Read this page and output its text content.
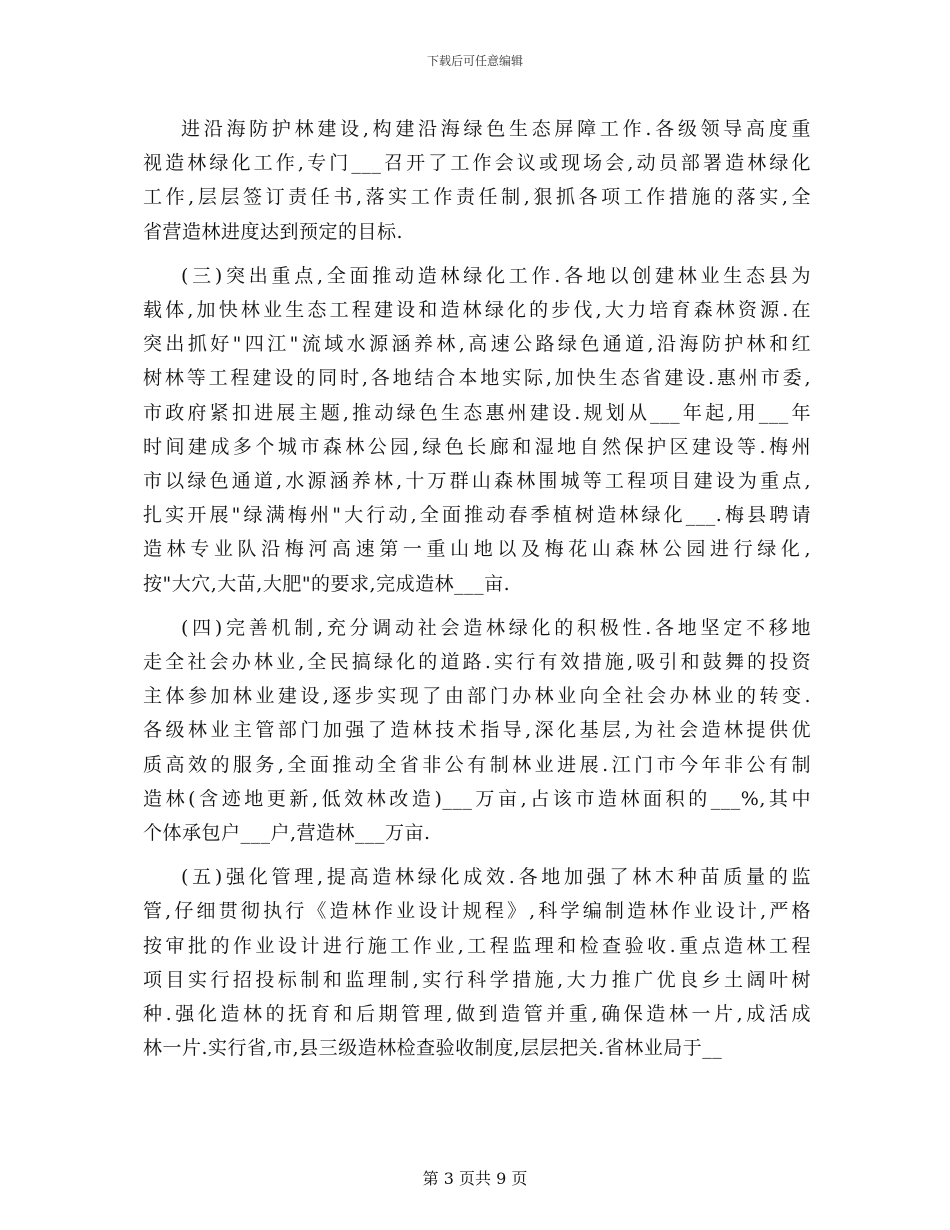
下载后可任意编辑

进沿海防护林建设,构建沿海绿色生态屏障工作.各级领导高度重
视造林绿化工作,专门___召开了工作会议或现场会,动员部署造林绿化
工作,层层签订责任书,落实工作责任制,狠抓各项工作措施的落实,全
省营造林进度达到预定的目标.

(三)突出重点,全面推动造林绿化工作.各地以创建林业生态县为
载体,加快林业生态工程建设和造林绿化的步伐,大力培育森林资源.在
突出抓好"四江"流域水源涵养林,高速公路绿色通道,沿海防护林和红
树林等工程建设的同时,各地结合本地实际,加快生态省建设.惠州市委,
市政府紧扣进展主题,推动绿色生态惠州建设.规划从___年起,用___年
时间建成多个城市森林公园,绿色长廊和湿地自然保护区建设等.梅州
市以绿色通道,水源涵养林,十万群山森林围城等工程项目建设为重点,
扎实开展"绿满梅州"大行动,全面推动春季植树造林绿化___.梅县聘请
造林专业队沿梅河高速第一重山地以及梅花山森林公园进行绿化,
按"大穴,大苗,大肥"的要求,完成造林___亩.

(四)完善机制,充分调动社会造林绿化的积极性.各地坚定不移地
走全社会办林业,全民搞绿化的道路.实行有效措施,吸引和鼓舞的投资
主体参加林业建设,逐步实现了由部门办林业向全社会办林业的转变.
各级林业主管部门加强了造林技术指导,深化基层,为社会造林提供优
质高效的服务,全面推动全省非公有制林业进展.江门市今年非公有制
造林(含迹地更新,低效林改造)___万亩,占该市造林面积的___%,其中
个体承包户___户,营造林___万亩.

(五)强化管理,提高造林绿化成效.各地加强了林木种苗质量的监
管,仔细贯彻执行《造林作业设计规程》,科学编制造林作业设计,严格
按审批的作业设计进行施工作业,工程监理和检查验收.重点造林工程
项目实行招投标制和监理制,实行科学措施,大力推广优良乡土阔叶树
种.强化造林的抚育和后期管理,做到造管并重,确保造林一片,成活成
林一片.实行省,市,县三级造林检查验收制度,层层把关.省林业局于__

第 3 页共 9 页
